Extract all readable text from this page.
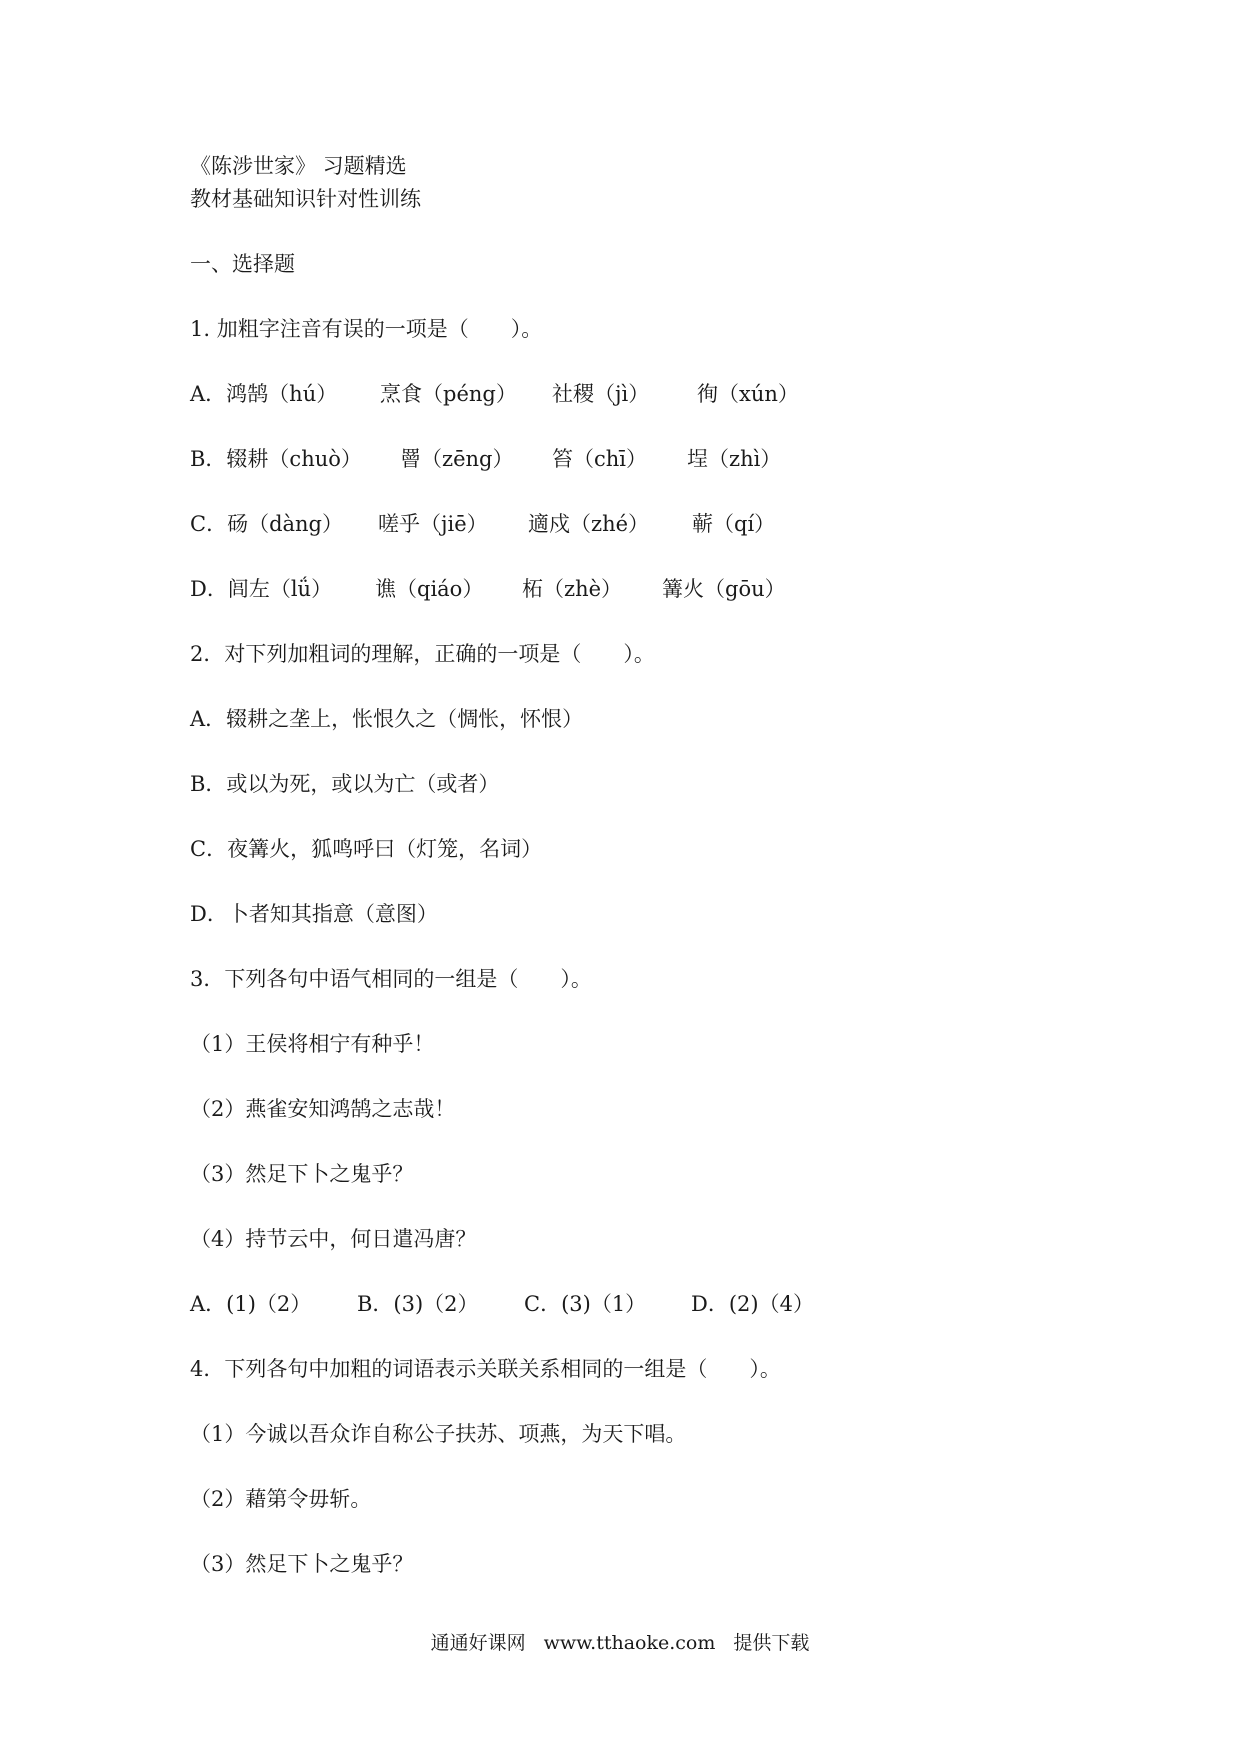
《陈涉世家》 习题精选
教材基础知识针对性训练
一、选择题
1. 加粗字注音有误的一项是（　　）。
A．鸿鹄（hú） 烹食（péng） 社稷（jì） 徇（xún）
B．辍耕（chuò） 罾（zēng） 笞（chī） 埕（zhì）
C．砀（dàng） 嗟乎（jiē） 適戍（zhé） 蕲（qí）
D．闾左（lǘ） 谯（qiáo） 柘（zhè） 篝火（gōu）
2．对下列加粗词的理解，正确的一项是（　　）。
A．辍耕之垄上，怅恨久之（惆怅，怀恨）
B．或以为死，或以为亡（或者）
C．夜篝火，狐鸣呼曰（灯笼，名词）
D．卜者知其指意（意图）
3．下列各句中语气相同的一组是（　　）。
（1）王侯将相宁有种乎！
（2）燕雀安知鸿鹄之志哉！
（3）然足下卜之鬼乎？
（4）持节云中，何日遣冯唐？
A．(1)（2） B．(3)（2） C．(3)（1） D．(2)（4）
4．下列各句中加粗的词语表示关联关系相同的一组是（　　）。
（1）今诚以吾众诈自称公子扶苏、项燕，为天下唱。
（2）藉第令毋斩。
（3）然足下卜之鬼乎？
通通好课网 www.tthaoke.com 提供下载
